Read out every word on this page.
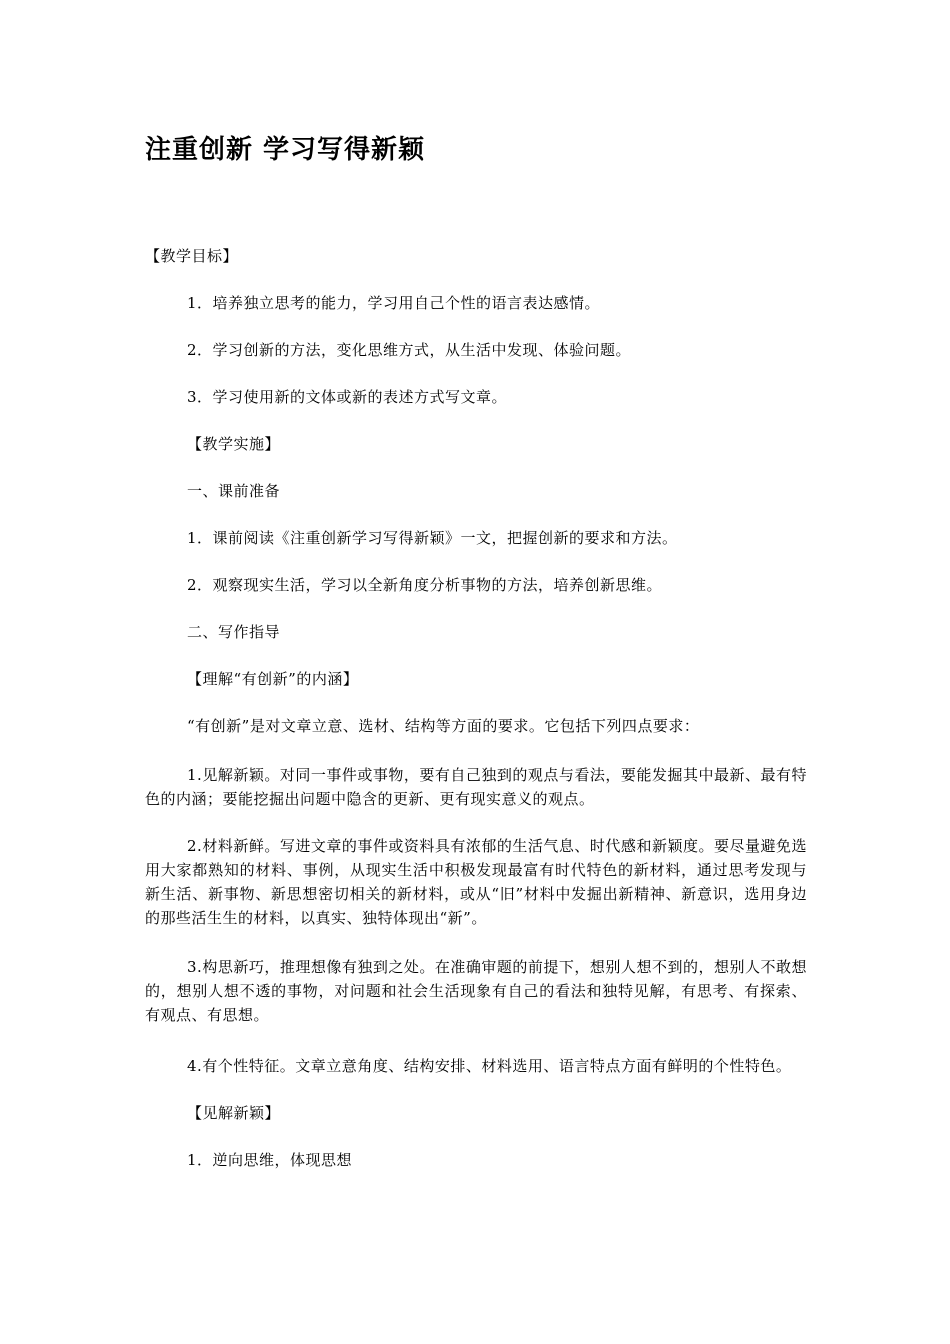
注重创新 学习写得新颖
【教学目标】
1．培养独立思考的能力，学习用自己个性的语言表达感情。
2．学习创新的方法，变化思维方式，从生活中发现、体验问题。
3．学习使用新的文体或新的表述方式写文章。
【教学实施】
一、课前准备
1．课前阅读《注重创新学习写得新颖》一文，把握创新的要求和方法。
2．观察现实生活，学习以全新角度分析事物的方法，培养创新思维。
二、写作指导
【理解“有创新”的内涵】
“有创新”是对文章立意、选材、结构等方面的要求。它包括下列四点要求：
1.见解新颖。对同一事件或事物，要有自己独到的观点与看法，要能发掘其中最新、最有特色的内涵；要能挖掘出问题中隐含的更新、更有现实意义的观点。
2.材料新鲜。写进文章的事件或资料具有浓郁的生活气息、时代感和新颖度。要尽量避免选用大家都熟知的材料、事例，从现实生活中积极发现最富有时代特色的新材料，通过思考发现与新生活、新事物、新思想密切相关的新材料，或从“旧”材料中发掘出新精神、新意识，选用身边的那些活生生的材料，以真实、独特体现出“新”。
3.构思新巧，推理想像有独到之处。在准确审题的前提下，想别人想不到的，想别人不敢想的，想别人想不透的事物，对问题和社会生活现象有自己的看法和独特见解，有思考、有探索、有观点、有思想。
4.有个性特征。文章立意角度、结构安排、材料选用、语言特点方面有鲜明的个性特色。
【见解新颖】
1．逆向思维，体现思想
